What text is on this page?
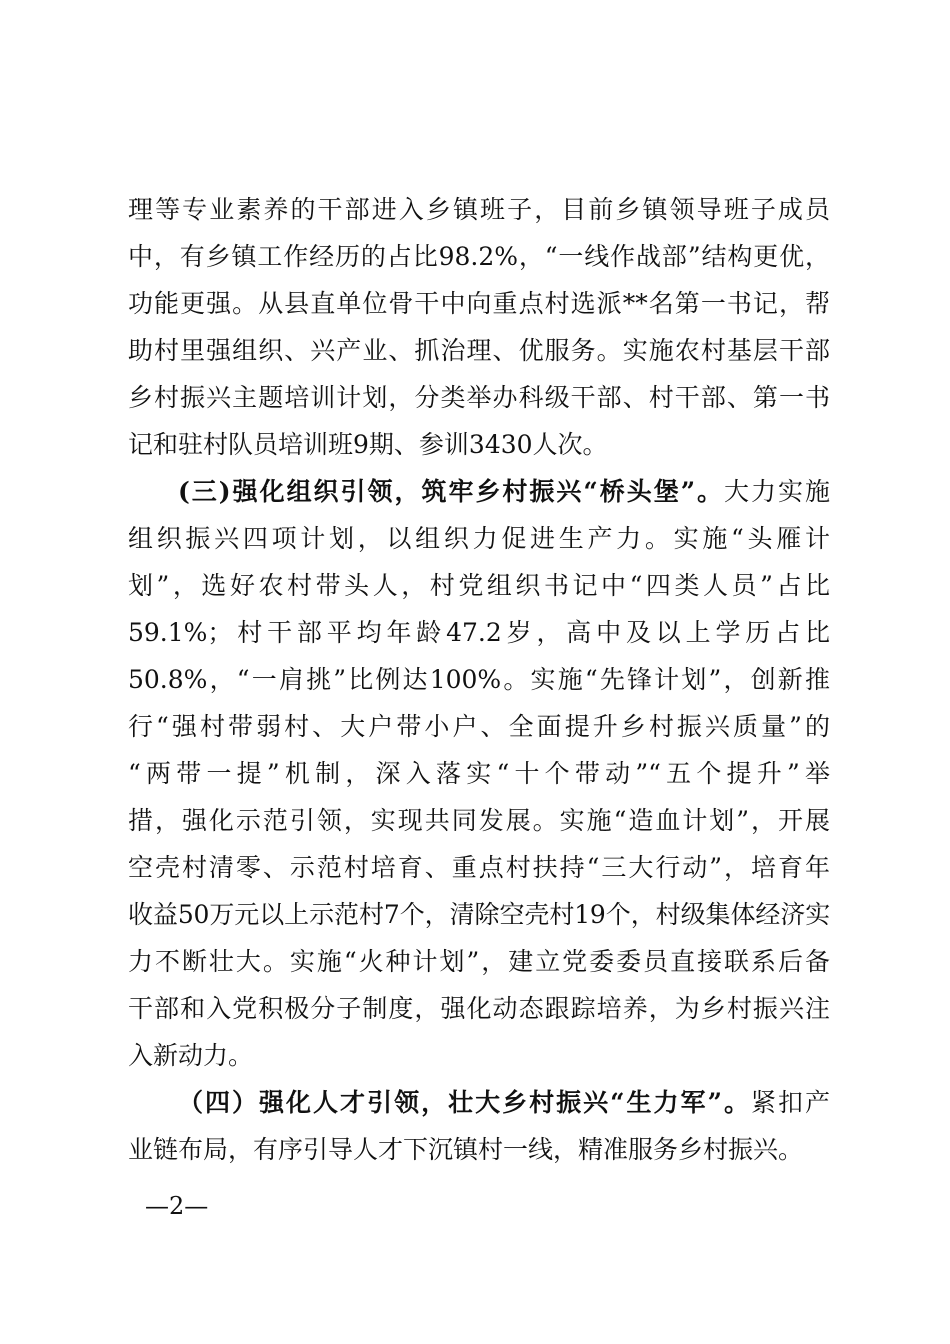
理等专业素养的干部进入乡镇班子，目前乡镇领导班子成员
中，有乡镇工作经历的占比98.2%，“一线作战部”结构更优，
功能更强。从县直单位骨干中向重点村选派**名第一书记，帮
助村里强组织、兴产业、抓治理、优服务。实施农村基层干部
乡村振兴主题培训计划，分类举办科级干部、村干部、第一书
记和驻村队员培训班9期、参训3430人次。
(三)强化组织引领，筑牢乡村振兴“桥头堡”。大力实施
组织振兴四项计划，以组织力促进生产力。实施“头雁计
划”，选好农村带头人，村党组织书记中“四类人员”占比
59.1%；村干部平均年龄47.2岁，高中及以上学历占比
50.8%，“一肩挑”比例达100%。实施“先锋计划”，创新推
行“强村带弱村、大户带小户、全面提升乡村振兴质量”的
“两带一提”机制，深入落实“十个带动”“五个提升”举
措，强化示范引领，实现共同发展。实施“造血计划”，开展
空壳村清零、示范村培育、重点村扶持“三大行动”，培育年
收益50万元以上示范村7个，清除空壳村19个，村级集体经济实
力不断壮大。实施“火种计划”，建立党委委员直接联系后备
干部和入党积极分子制度，强化动态跟踪培养，为乡村振兴注
入新动力。
（四）强化人才引领，壮大乡村振兴“生力军”。紧扣产
业链布局，有序引导人才下沉镇村一线，精准服务乡村振兴。
—2—
